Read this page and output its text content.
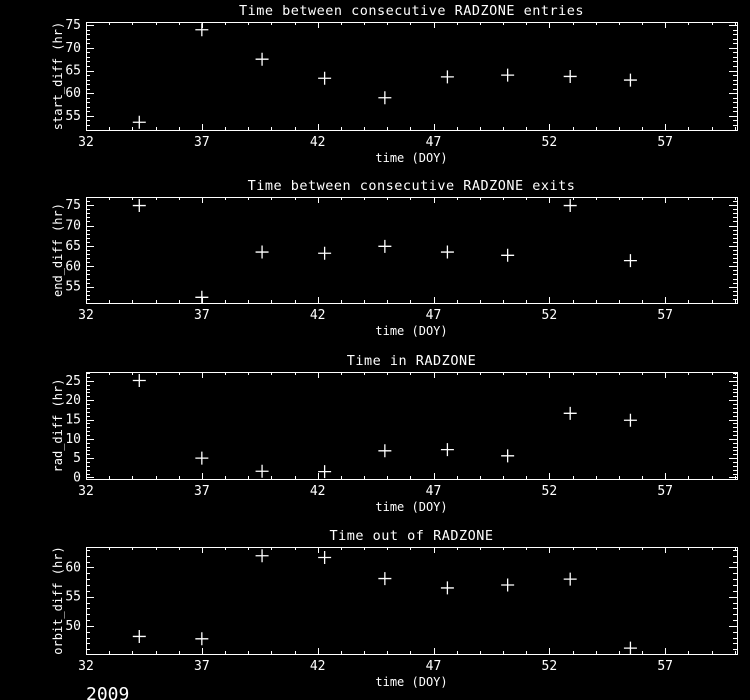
32	37	42	47	52	57
55
60
65
70
75
Time between consecutive RADZONE entries
time (DOY)
start_diff (hr)
32	37	42	47	52	57
55
60
65
70
75
Time between consecutive RADZONE exits
time (DOY)
end_diff (hr)
32	37	42	47	52	57
0
5
10
15
20
25
Time in RADZONE
time (DOY)
rad_diff (hr)
32	37	42	47	52	57
50
55
60
Time out of RADZONE
time (DOY)
orbit_diff (hr)
2009
